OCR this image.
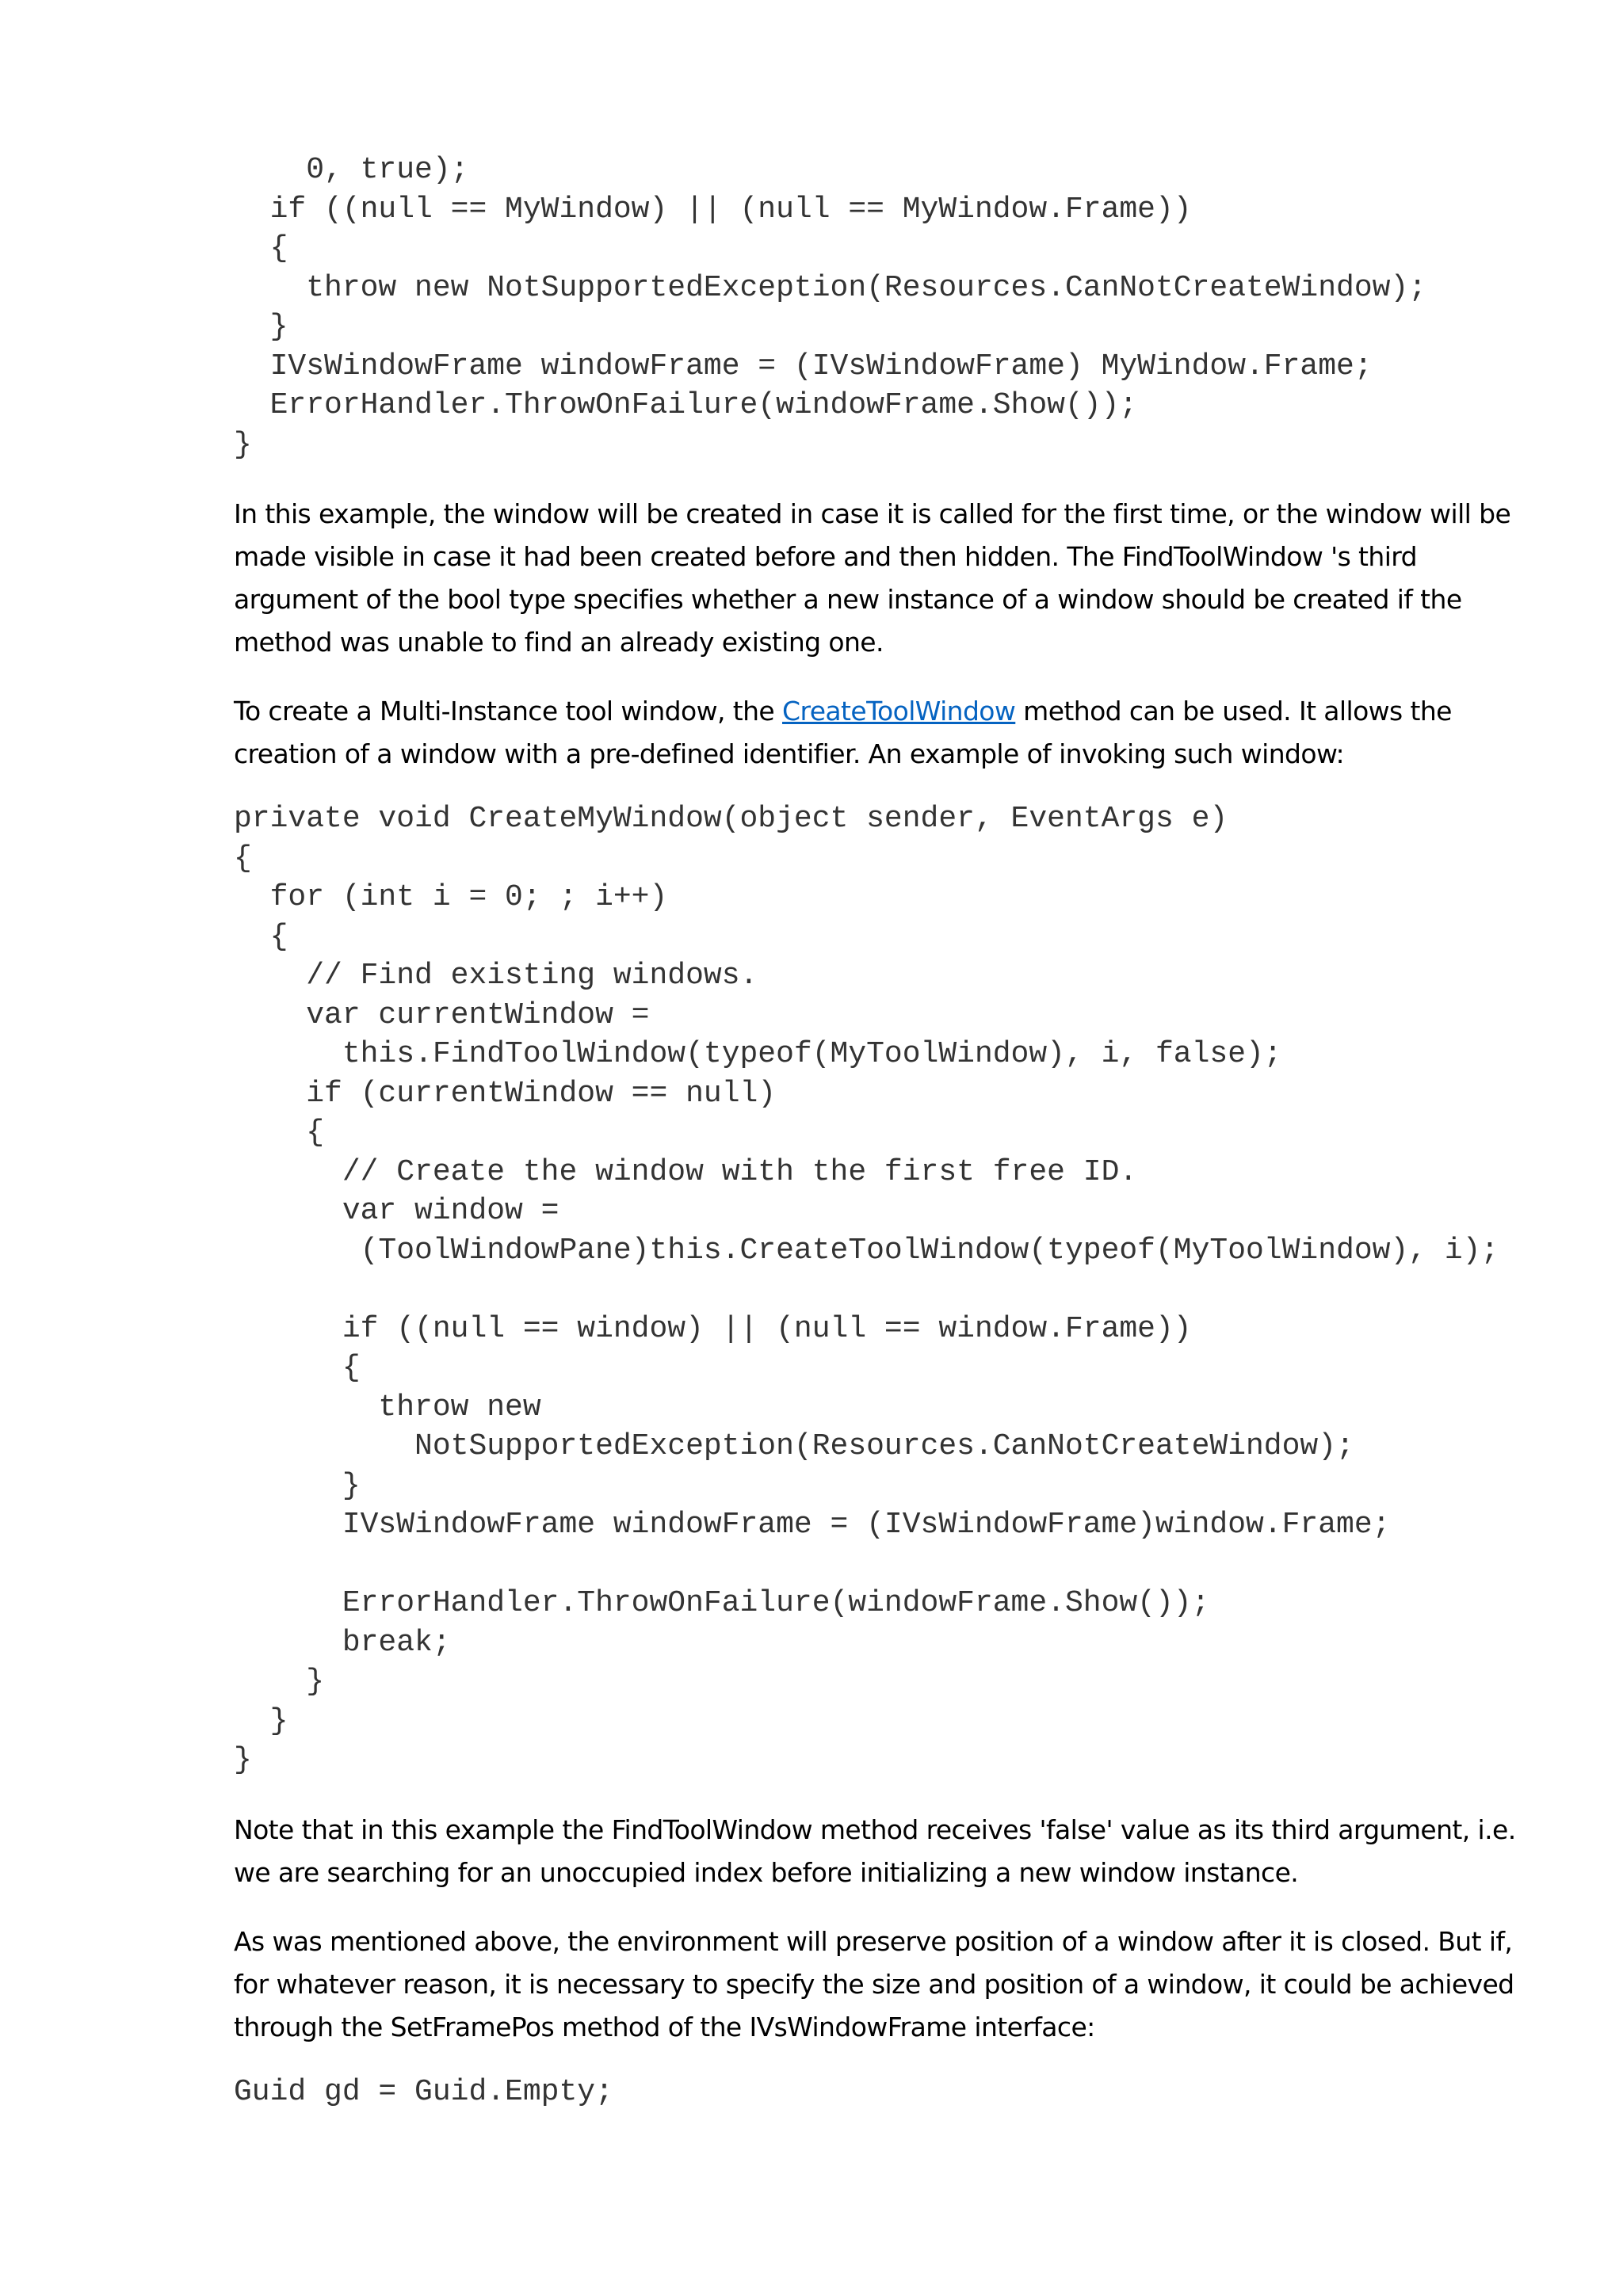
0, true);
if ((null == MyWindow) || (null == MyWindow.Frame))
{
throw new NotSupportedException(Resources.CanNotCreateWindow);
}
IVsWindowFrame windowFrame = (IVsWindowFrame) MyWindow.Frame;
ErrorHandler.ThrowOnFailure(windowFrame.Show());
}

In this example, the window will be created in case it is called for the first time, or the window will be made visible in case it had been created before and then hidden. The FindToolWindow 's third argument of the bool type specifies whether a new instance of a window should be created if the method was unable to find an already existing one.

To create a Multi-Instance tool window, the CreateToolWindow method can be used. It allows the creation of a window with a pre-defined identifier. An example of invoking such window:

private void CreateMyWindow(object sender, EventArgs e)
{
for (int i = 0; ; i++)
{
// Find existing windows.
var currentWindow =
this.FindToolWindow(typeof(MyToolWindow), i, false);
if (currentWindow == null)
{
// Create the window with the first free ID.
var window =
(ToolWindowPane)this.CreateToolWindow(typeof(MyToolWindow), i);
if ((null == window) || (null == window.Frame))
{
throw new
NotSupportedException(Resources.CanNotCreateWindow);
}
IVsWindowFrame windowFrame = (IVsWindowFrame)window.Frame;
ErrorHandler.ThrowOnFailure(windowFrame.Show());
break;
}
}
}

Note that in this example the FindToolWindow method receives 'false' value as its third argument, i.e. we are searching for an unoccupied index before initializing a new window instance.

As was mentioned above, the environment will preserve position of a window after it is closed. But if, for whatever reason, it is necessary to specify the size and position of a window, it could be achieved through the SetFramePos method of the IVsWindowFrame interface:

Guid gd = Guid.Empty;
